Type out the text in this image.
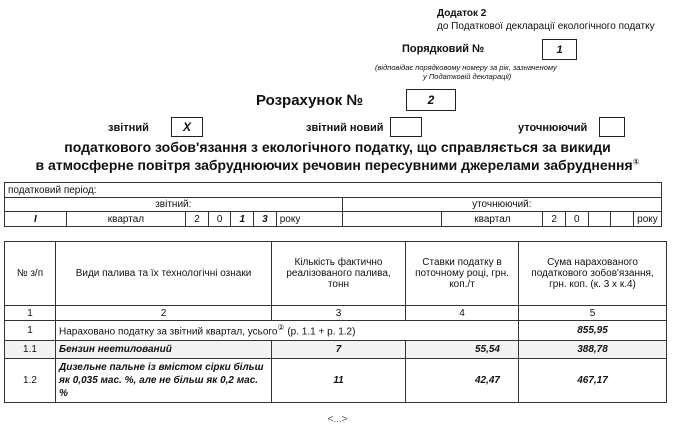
Додаток 2
до Податкової декларації екологічного податку
Порядковий №	1
(відповідає порядковому номеру за рік, зазначеному
у Податковій декларації)
Розрахунок №	2
звітний	X	звітний новий	уточнюючий
податкового зобов'язання з екологічного податку, що справляється за викиди
в атмосферне повітря забруднюючих речовин пересувними джерелами забруднення①
податковий період:													
звітний:							уточнюючий:						
I	квартал	2	0	1	3	року		квартал	2	0			року
№ з/п	Види палива та їх технологічні ознаки	Кількість фактично реалізованого палива, тонн	Ставки податку в поточному році, грн. коп./т	Сума нарахованого податкового зобов'язання, грн. коп. (к. 3 х к.4)
1	2	3	4	5
1	Нараховано податку за звітний квартал, усього② (р. 1.1 + р. 1.2)			855,95
1.1	Бензин неетилований	7	55,54	388,78
1.2	Дизельне пальне із вмістом сірки більш як 0,035 мас. %, але не більш як 0,2 мас. %	11	42,47	467,17
<...>
